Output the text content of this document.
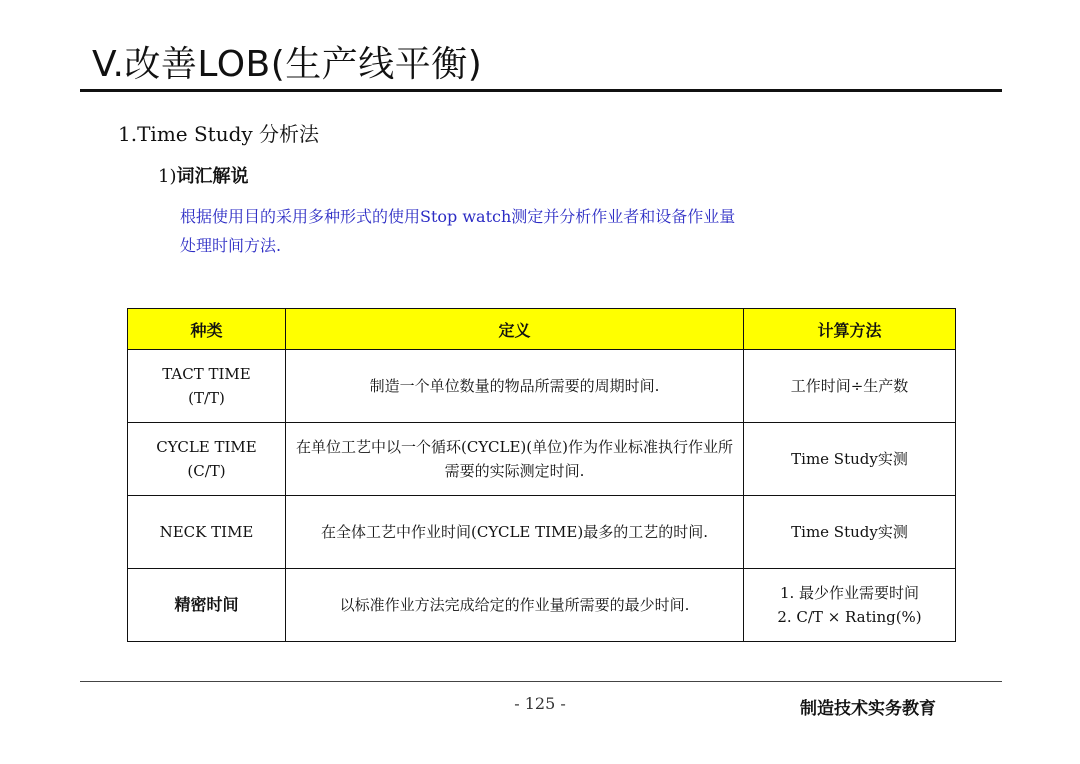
V.改善LOB(生产线平衡)
1.Time Study 分析法
1)词汇解说
根据使用目的采用多种形式的使用Stop watch测定并分析作业者和设备作业量
处理时间方法.
种类	定义	计算方法
TACT TIME
(T/T)	制造一个单位数量的物品所需要的周期时间.	工作时间÷生产数
CYCLE TIME
(C/T)	在单位工艺中以一个循环(CYCLE)(单位)作为作业标准执行作业所需要的实际测定时间.	Time Study实测
NECK TIME	在全体工艺中作业时间(CYCLE TIME)最多的工艺的时间.	Time Study实测
精密时间	以标准作业方法完成给定的作业量所需要的最少时间.	1. 最少作业需要时间
2. C/T × Rating(%)
- 125 -	制造技术实务教育
